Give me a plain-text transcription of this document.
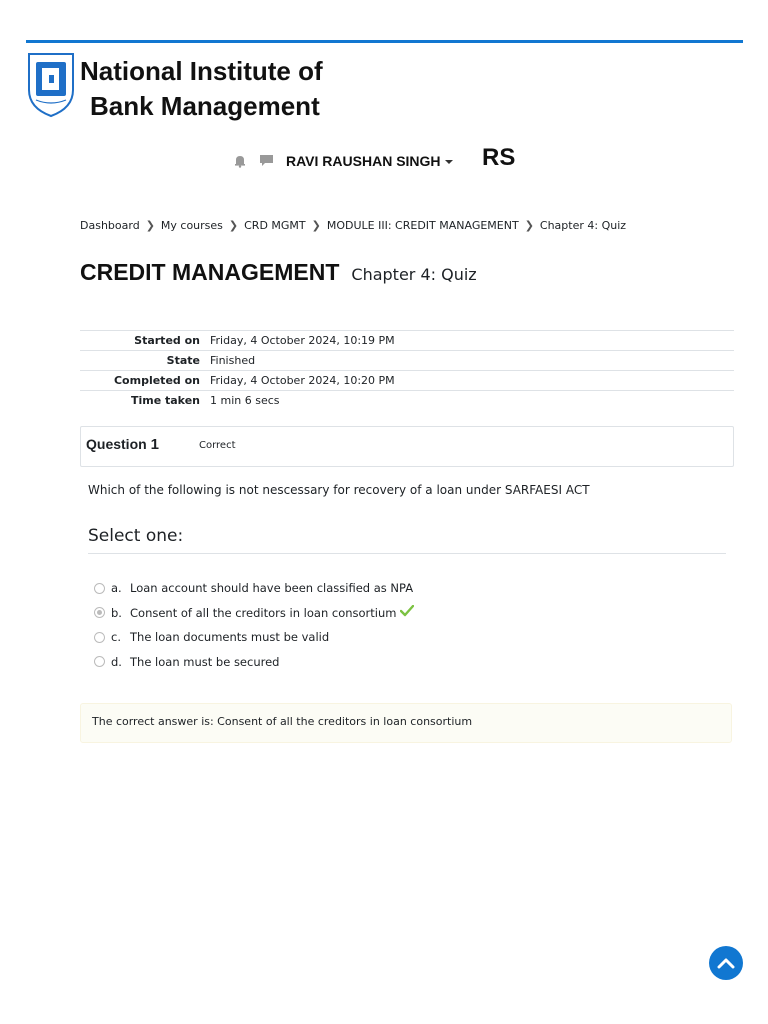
National Institute of
Bank Management
RAVI RAUSHAN SINGH	RS
Dashboard ❯ My courses ❯ CRD MGMT ❯ MODULE III: CREDIT MANAGEMENT ❯ Chapter 4: Quiz
CREDIT MANAGEMENT Chapter 4: Quiz
Started on	Friday, 4 October 2024, 10:19 PM
State	Finished
Completed on	Friday, 4 October 2024, 10:20 PM
Time taken	1 min 6 secs
Question 1	Correct
Which of the following is not nescessary for recovery of a loan under SARFAESI ACT
Select one:
a. Loan account should have been classified as NPA
b. Consent of all the creditors in loan consortium
c. The loan documents must be valid
d. The loan must be secured
The correct answer is: Consent of all the creditors in loan consortium
